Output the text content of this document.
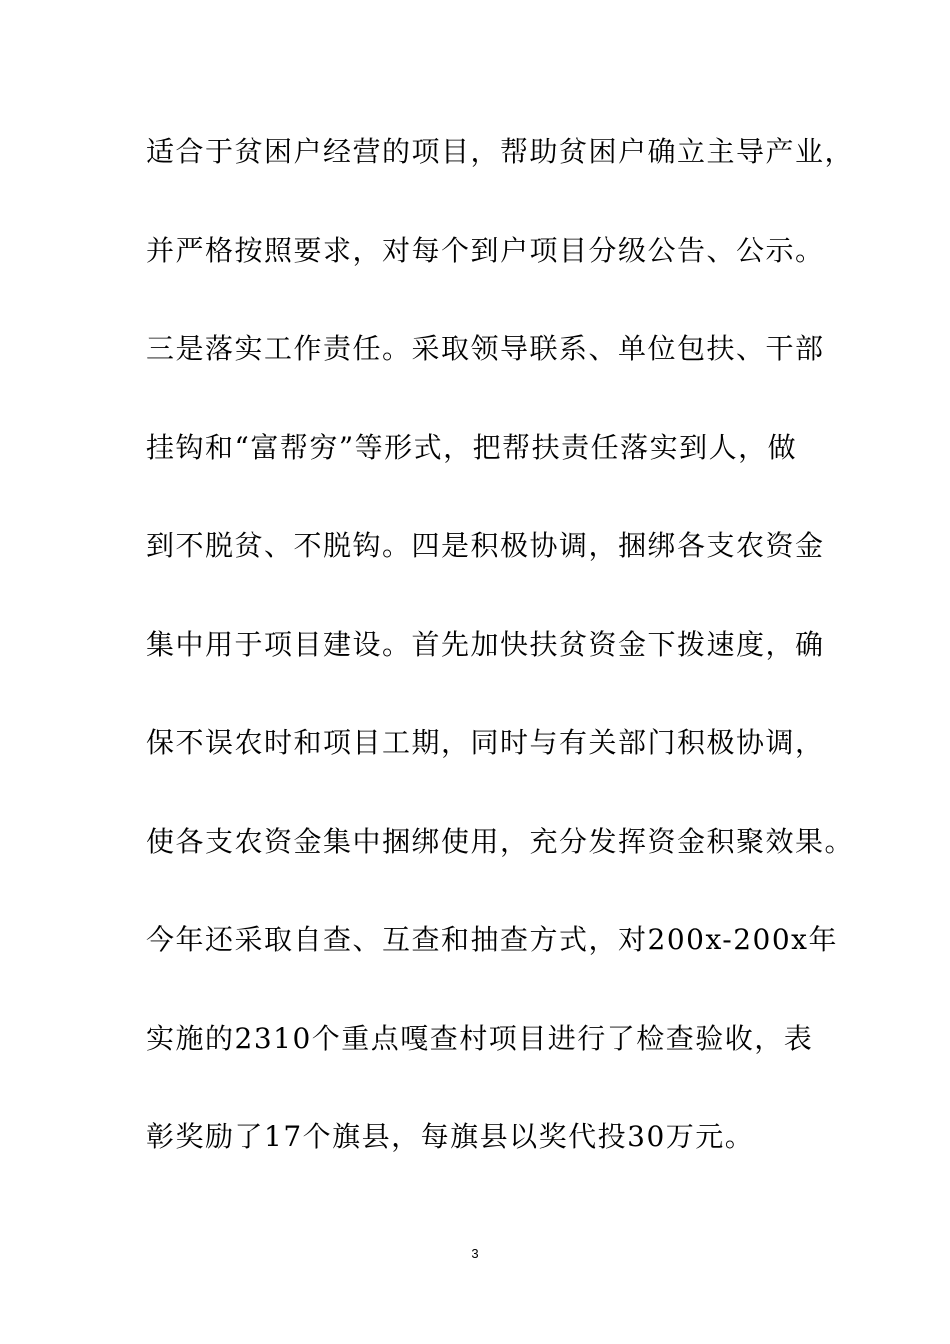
适合于贫困户经营的项目，帮助贫困户确立主导产业，
并严格按照要求，对每个到户项目分级公告、公示。
三是落实工作责任。采取领导联系、单位包扶、干部
挂钩和“富帮穷”等形式，把帮扶责任落实到人，做
到不脱贫、不脱钩。四是积极协调，捆绑各支农资金
集中用于项目建设。首先加快扶贫资金下拨速度，确
保不误农时和项目工期，同时与有关部门积极协调，
使各支农资金集中捆绑使用，充分发挥资金积聚效果。
今年还采取自查、互查和抽查方式，对200x-200x年
实施的2310个重点嘎查村项目进行了检查验收，表
彰奖励了17个旗县，每旗县以奖代投30万元。
3
